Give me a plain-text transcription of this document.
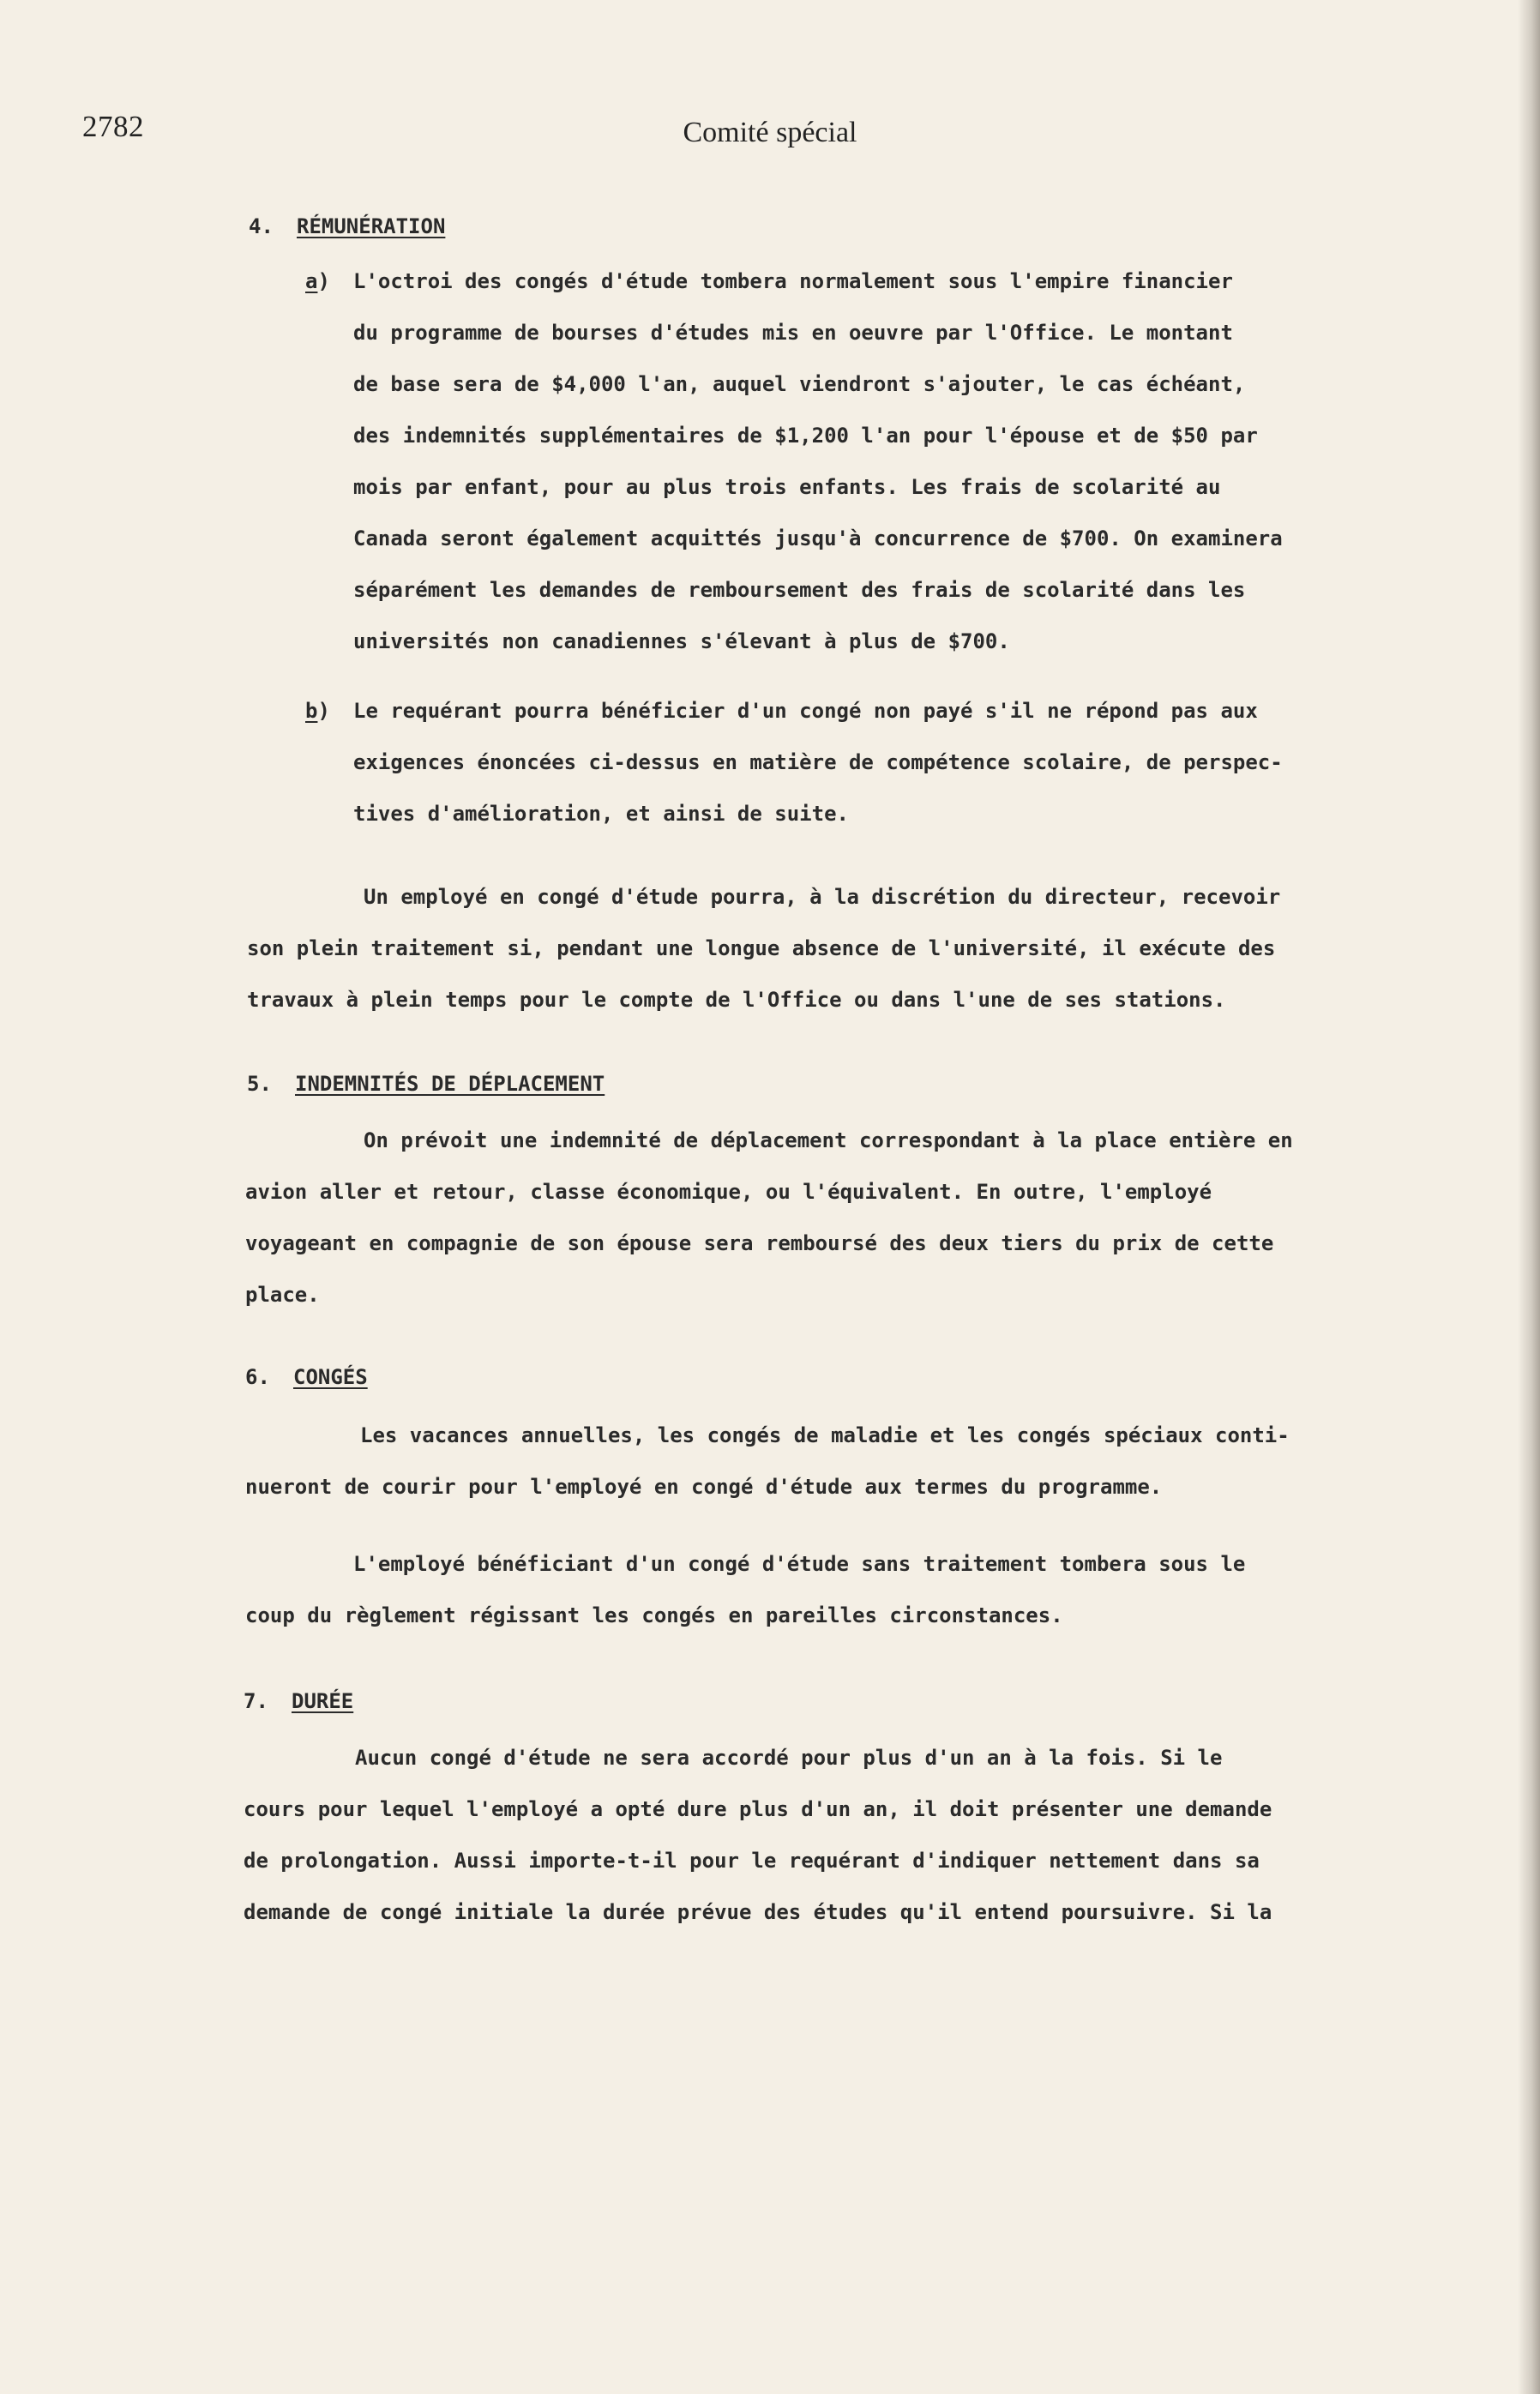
2782	Comité spécial
4. RÉMUNÉRATION
a) L'octroi des congés d'étude tombera normalement sous l'empire financier
du programme de bourses d'études mis en oeuvre par l'Office. Le montant
de base sera de $4,000 l'an, auquel viendront s'ajouter, le cas échéant,
des indemnités supplémentaires de $1,200 l'an pour l'épouse et de $50 par
mois par enfant, pour au plus trois enfants. Les frais de scolarité au
Canada seront également acquittés jusqu'à concurrence de $700. On examinera
séparément les demandes de remboursement des frais de scolarité dans les
universités non canadiennes s'élevant à plus de $700.
b) Le requérant pourra bénéficier d'un congé non payé s'il ne répond pas aux
exigences énoncées ci-dessus en matière de compétence scolaire, de perspec-
tives d'amélioration, et ainsi de suite.
Un employé en congé d'étude pourra, à la discrétion du directeur, recevoir
son plein traitement si, pendant une longue absence de l'université, il exécute des
travaux à plein temps pour le compte de l'Office ou dans l'une de ses stations.
5. INDEMNITÉS DE DÉPLACEMENT
On prévoit une indemnité de déplacement correspondant à la place entière en
avion aller et retour, classe économique, ou l'équivalent. En outre, l'employé
voyageant en compagnie de son épouse sera remboursé des deux tiers du prix de cette
place.
6. CONGÉS
Les vacances annuelles, les congés de maladie et les congés spéciaux conti-
nueront de courir pour l'employé en congé d'étude aux termes du programme.
L'employé bénéficiant d'un congé d'étude sans traitement tombera sous le
coup du règlement régissant les congés en pareilles circonstances.
7. DURÉE
Aucun congé d'étude ne sera accordé pour plus d'un an à la fois. Si le
cours pour lequel l'employé a opté dure plus d'un an, il doit présenter une demande
de prolongation. Aussi importe-t-il pour le requérant d'indiquer nettement dans sa
demande de congé initiale la durée prévue des études qu'il entend poursuivre. Si la
